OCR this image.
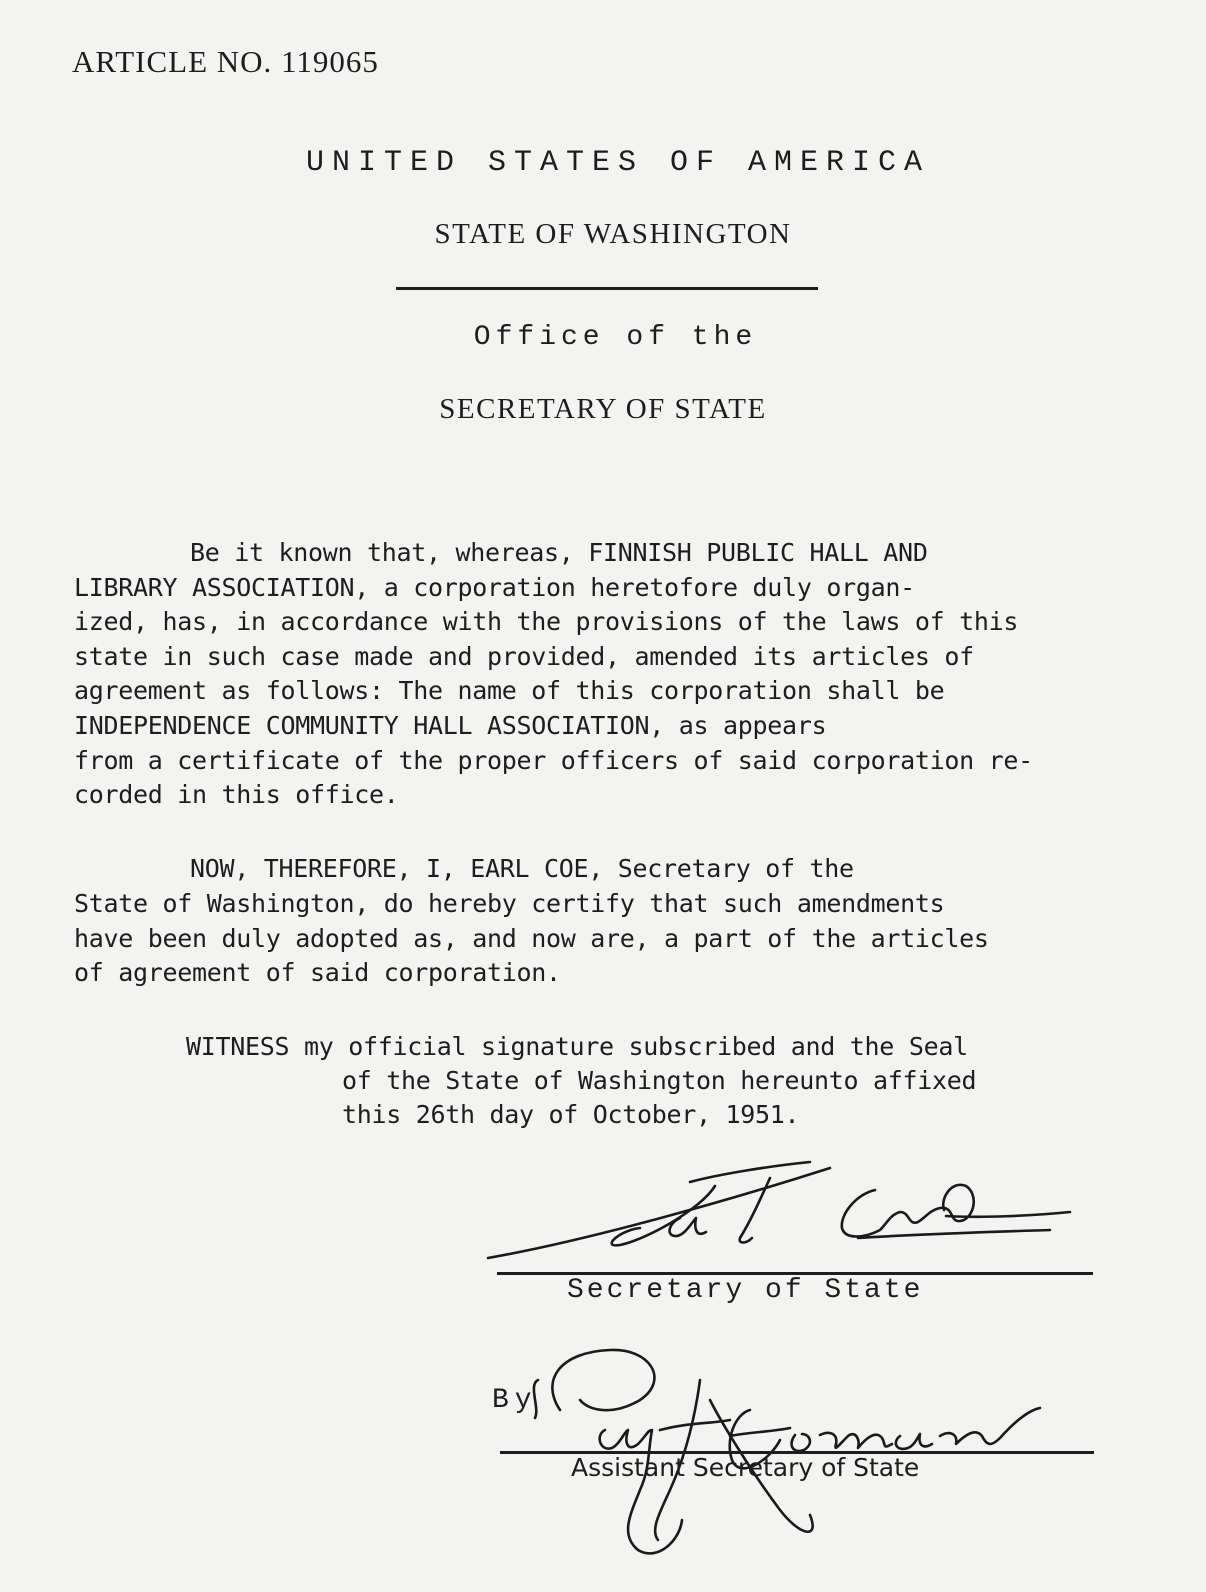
ARTICLE NO. 119065

UNITED STATES OF AMERICA

STATE OF WASHINGTON

Office of the

SECRETARY OF STATE

Be it known that, whereas, FINNISH PUBLIC HALL AND

LIBRARY ASSOCIATION, a corporation heretofore duly organ-

ized, has, in accordance with the provisions of the laws of this

state in such case made and provided, amended its articles of

agreement as follows: The name of this corporation shall be

INDEPENDENCE COMMUNITY HALL ASSOCIATION, as appears

from a certificate of the proper officers of said corporation re-

corded in this office.

NOW, THEREFORE, I, EARL COE, Secretary of the

State of Washington, do hereby certify that such amendments

have been duly adopted as, and now are, a part of the articles

of agreement of said corporation.

WITNESS my official signature subscribed and the Seal

of the State of Washington hereunto affixed

this 26th day of October, 1951.

Secretary of State

By

Assistant Secretary of State
